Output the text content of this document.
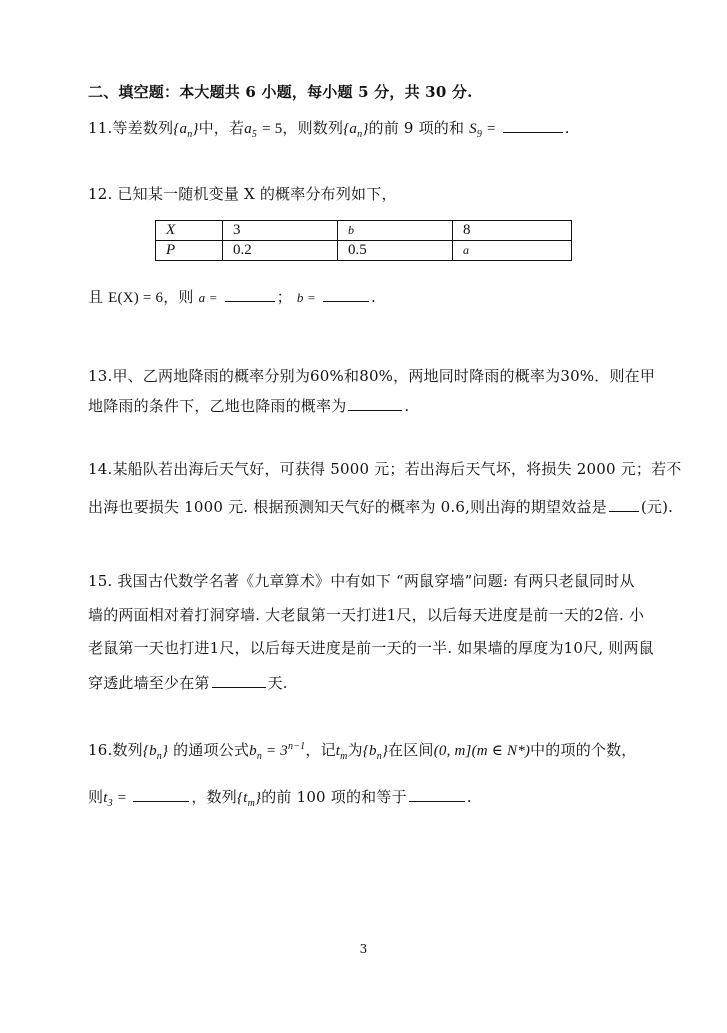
二、填空题：本大题共 6 小题，每小题 5 分，共 30 分.
11.等差数列$\{a_n\}$中，若$a_5 = 5$，则数列$\{a_n\}$的前 9 项的和 $S_9$ =	.
12. 已知某一随机变量 X 的概率分布列如下，
X	3	b	8
P	0.2	0.5	a
且 E(X) = 6，则 a =	； b =	.
13.甲、乙两地降雨的概率分别为60%和80%，两地同时降雨的概率为30%．则在甲
地降雨的条件下，乙地也降雨的概率为	.
14.某船队若出海后天气好，可获得 5000 元；若出海后天气坏，将损失 2000 元；若不
出海也要损失 1000 元. 根据预测知天气好的概率为 0.6,则出海的期望效益是 (元).
15. 我国古代数学名著《九章算术》中有如下 “两鼠穿墙”问题: 有两只老鼠同时从
墙的两面相对着打洞穿墙. 大老鼠第一天打进1尺，以后每天进度是前一天的2倍. 小
老鼠第一天也打进1尺，以后每天进度是前一天的一半. 如果墙的厚度为10尺, 则两鼠
穿透此墙至少在第	天.
16.数列$\{b_n\}$ 的通项公式$b_n = 3^{n-1}$，记$t_m$为$\{b_n\}$在区间(0, m](m ∈ N*)中的项的个数，
则$t_3$ =	，数列$\{t_m\}$的前 100 项的和等于	.
3
